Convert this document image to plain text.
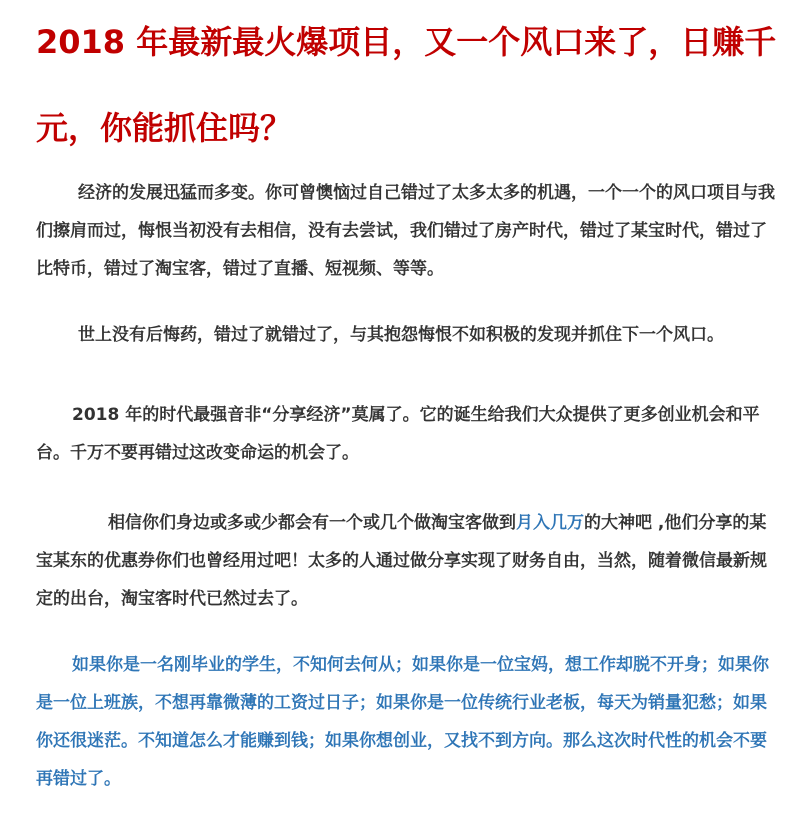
2018 年最新最火爆项目，又一个风口来了，日赚千元，你能抓住吗？

经济的发展迅猛而多变。你可曾懊恼过自己错过了太多太多的机遇，一个一个的风口项目与我们擦肩而过，悔恨当初没有去相信，没有去尝试，我们错过了房产时代，错过了某宝时代，错过了比特币，错过了淘宝客，错过了直播、短视频、等等。

世上没有后悔药，错过了就错过了，与其抱怨悔恨不如积极的发现并抓住下一个风口。

2018 年的时代最强音非“分享经济”莫属了。它的诞生给我们大众提供了更多创业机会和平台。千万不要再错过这改变命运的机会了。

相信你们身边或多或少都会有一个或几个做淘宝客做到月入几万的大神吧 ,他们分享的某宝某东的优惠券你们也曾经用过吧！太多的人通过做分享实现了财务自由，当然，随着微信最新规定的出台，淘宝客时代已然过去了。

如果你是一名刚毕业的学生，不知何去何从；如果你是一位宝妈，想工作却脱不开身；如果你是一位上班族，不想再靠微薄的工资过日子；如果你是一位传统行业老板，每天为销量犯愁；如果你还很迷茫。不知道怎么才能赚到钱；如果你想创业，又找不到方向。那么这次时代性的机会不要再错过了。
